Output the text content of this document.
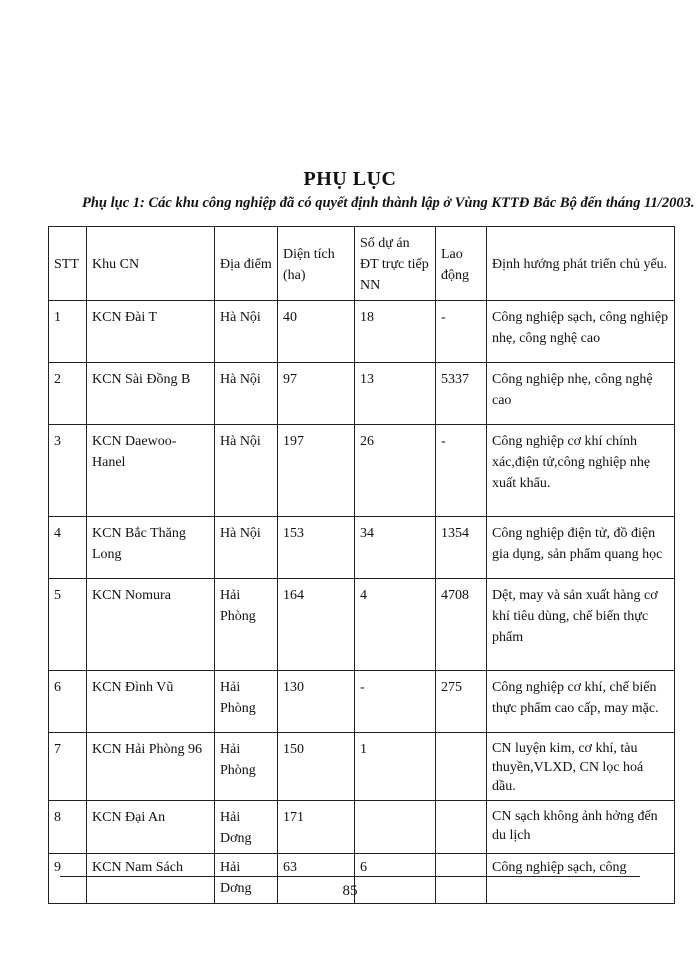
PHỤ LỤC
Phụ lục 1: Các khu công nghiệp đã có quyết định thành lập ở Vùng KTTĐ Bắc Bộ đến tháng 11/2003.
STT	Khu CN	Địa điểm	Diện tích (ha)	Số dự án ĐT trực tiếp NN	Lao động	Định hướng phát triển chủ yếu.
1	KCN Đài T	Hà Nội	40	18	-	Công nghiệp sạch, công nghiệp nhẹ, công nghệ cao
2	KCN Sài Đồng B	Hà Nội	97	13	5337	Công nghiệp nhẹ, công nghệ cao
3	KCN Daewoo-Hanel	Hà Nội	197	26	-	Công nghiệp cơ khí chính xác,điện tử,công nghiệp nhẹ xuất khẩu.
4	KCN Bắc Thăng Long	Hà Nội	153	34	1354	Công nghiệp điện tử, đồ điện gia dụng, sản phẩm quang học
5	KCN Nomura	Hải Phòng	164	4	4708	Dệt, may và sản xuất hàng cơ khí tiêu dùng, chế biến thực phẩm
6	KCN Đình Vũ	Hải Phòng	130	-	275	Công nghiệp cơ khí, chế biến thực phẩm cao cấp, may mặc.
7	KCN Hải Phòng 96	Hải Phòng	150	1		CN luyện kim, cơ khí, tàu thuyền,VLXD, CN lọc hoá dầu.
8	KCN Đại An	Hải Dơng	171			CN sạch không ảnh hởng đến du lịch
9	KCN Nam Sách	Hải Dơng	63	6		Công nghiệp sạch, công
85
